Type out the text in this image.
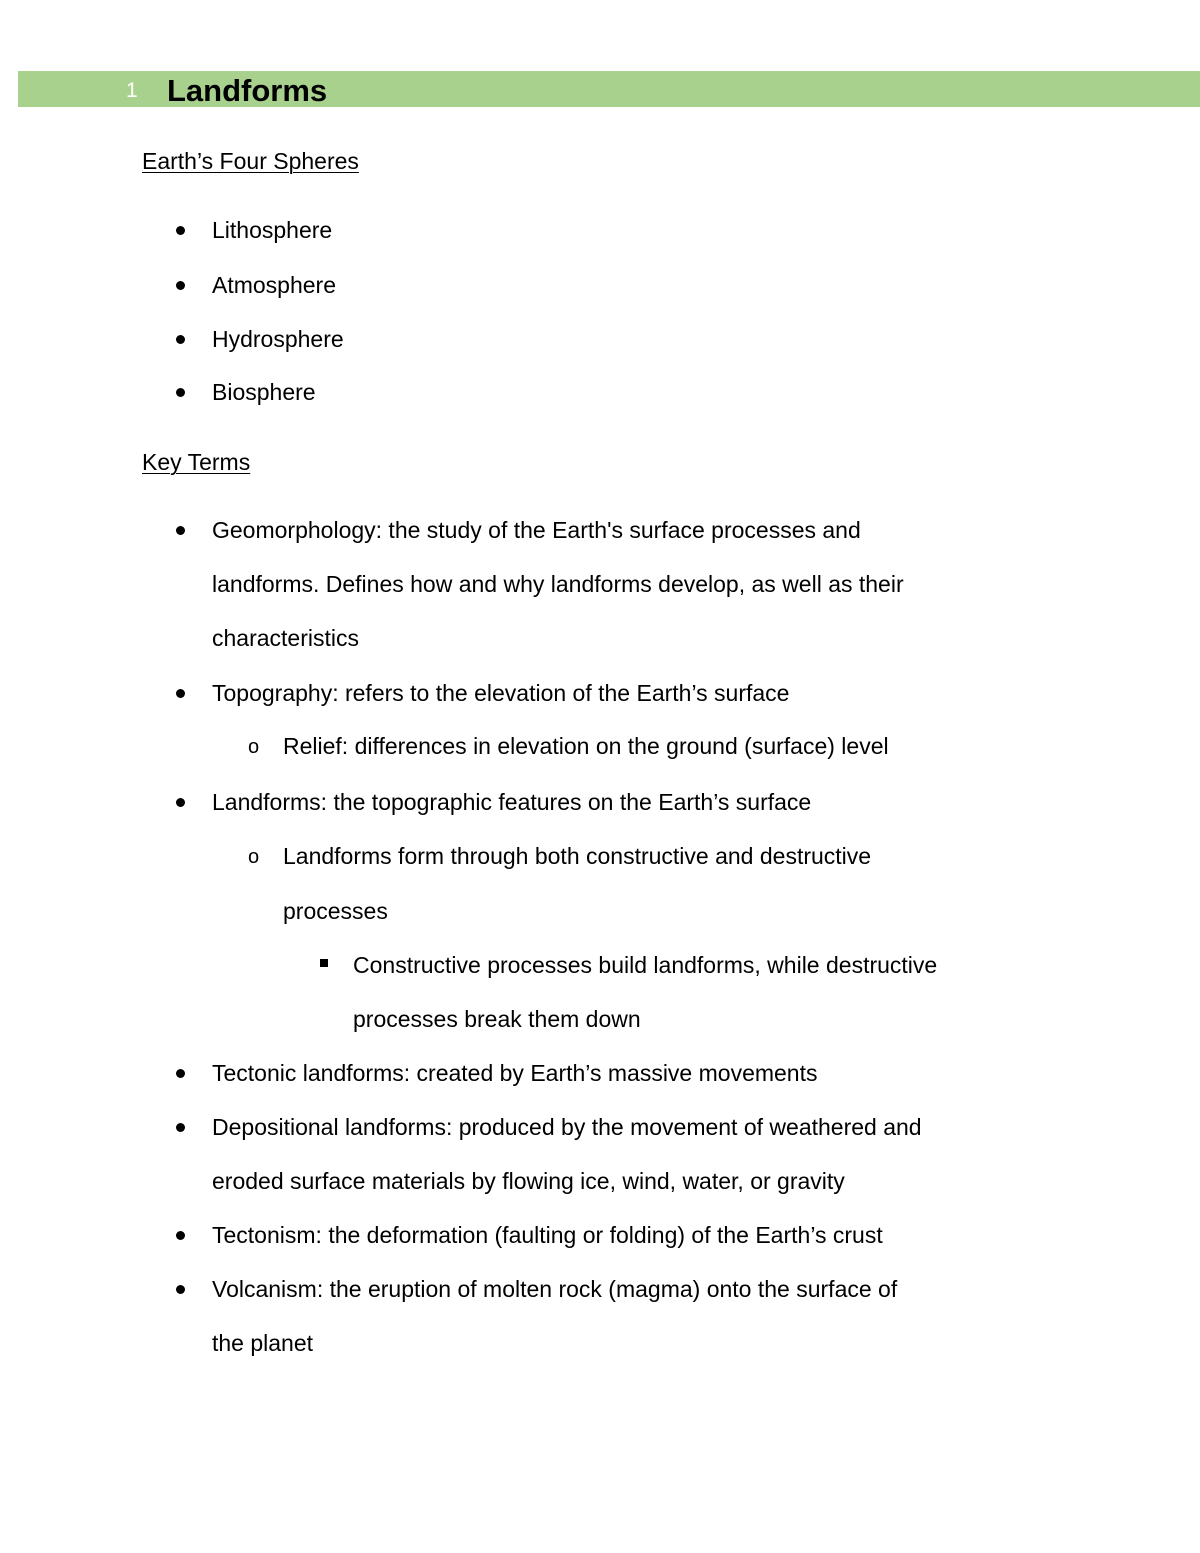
1 Landforms
Earth’s Four Spheres
Lithosphere
Atmosphere
Hydrosphere
Biosphere
Key Terms
Geomorphology: the study of the Earth's surface processes and
landforms. Defines how and why landforms develop, as well as their
characteristics
Topography: refers to the elevation of the Earth’s surface
o Relief: differences in elevation on the ground (surface) level
Landforms: the topographic features on the Earth’s surface
o Landforms form through both constructive and destructive
processes
Constructive processes build landforms, while destructive
processes break them down
Tectonic landforms: created by Earth’s massive movements
Depositional landforms: produced by the movement of weathered and
eroded surface materials by flowing ice, wind, water, or gravity
Tectonism: the deformation (faulting or folding) of the Earth’s crust
Volcanism: the eruption of molten rock (magma) onto the surface of
the planet
